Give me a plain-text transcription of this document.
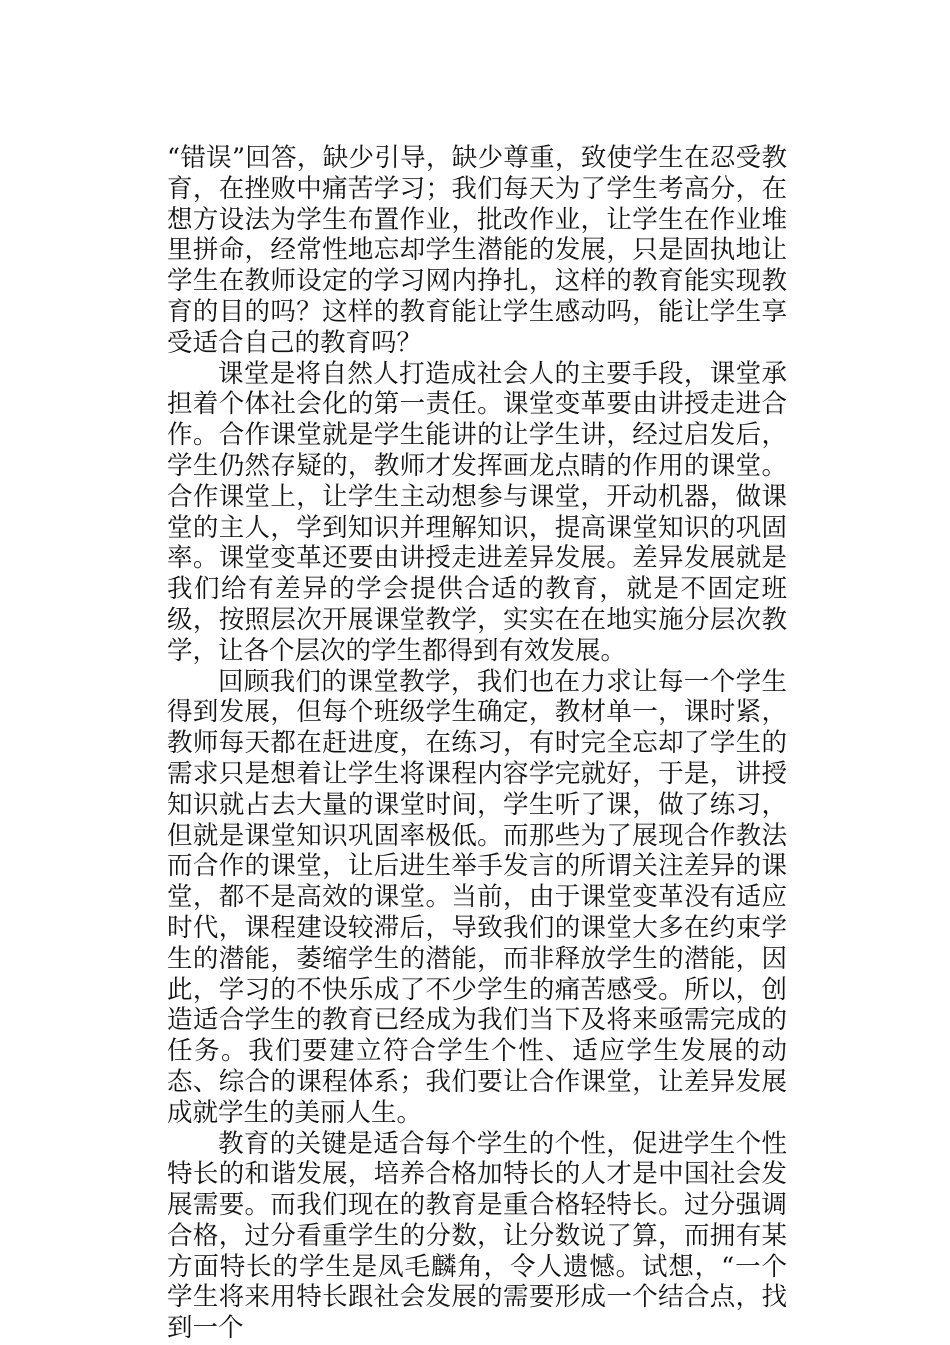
“错误”回答，缺少引导，缺少尊重，致使学生在忍受教育，在挫败中痛苦学习；我们每天为了学生考高分，在想方设法为学生布置作业，批改作业，让学生在作业堆里拼命，经常性地忘却学生潜能的发展，只是固执地让学生在教师设定的学习网内挣扎，这样的教育能实现教育的目的吗？这样的教育能让学生感动吗，能让学生享受适合自己的教育吗？

课堂是将自然人打造成社会人的主要手段，课堂承担着个体社会化的第一责任。课堂变革要由讲授走进合作。合作课堂就是学生能讲的让学生讲，经过启发后，学生仍然存疑的，教师才发挥画龙点睛的作用的课堂。合作课堂上，让学生主动想参与课堂，开动机器，做课堂的主人，学到知识并理解知识，提高课堂知识的巩固率。课堂变革还要由讲授走进差异发展。差异发展就是我们给有差异的学会提供合适的教育，就是不固定班级，按照层次开展课堂教学，实实在在地实施分层次教学，让各个层次的学生都得到有效发展。

回顾我们的课堂教学，我们也在力求让每一个学生得到发展，但每个班级学生确定，教材单一，课时紧，教师每天都在赶进度，在练习，有时完全忘却了学生的需求只是想着让学生将课程内容学完就好，于是，讲授知识就占去大量的课堂时间，学生听了课，做了练习，但就是课堂知识巩固率极低。而那些为了展现合作教法而合作的课堂，让后进生举手发言的所谓关注差异的课堂，都不是高效的课堂。当前，由于课堂变革没有适应时代，课程建设较滞后，导致我们的课堂大多在约束学生的潜能，萎缩学生的潜能，而非释放学生的潜能，因此，学习的不快乐成了不少学生的痛苦感受。所以，创造适合学生的教育已经成为我们当下及将来亟需完成的任务。我们要建立符合学生个性、适应学生发展的动态、综合的课程体系；我们要让合作课堂，让差异发展成就学生的美丽人生。

教育的关键是适合每个学生的个性，促进学生个性特长的和谐发展，培养合格加特长的人才是中国社会发展需要。而我们现在的教育是重合格轻特长。过分强调合格，过分看重学生的分数，让分数说了算，而拥有某方面特长的学生是凤毛麟角，令人遗憾。试想，“一个学生将来用特长跟社会发展的需要形成一个结合点，找到一个
